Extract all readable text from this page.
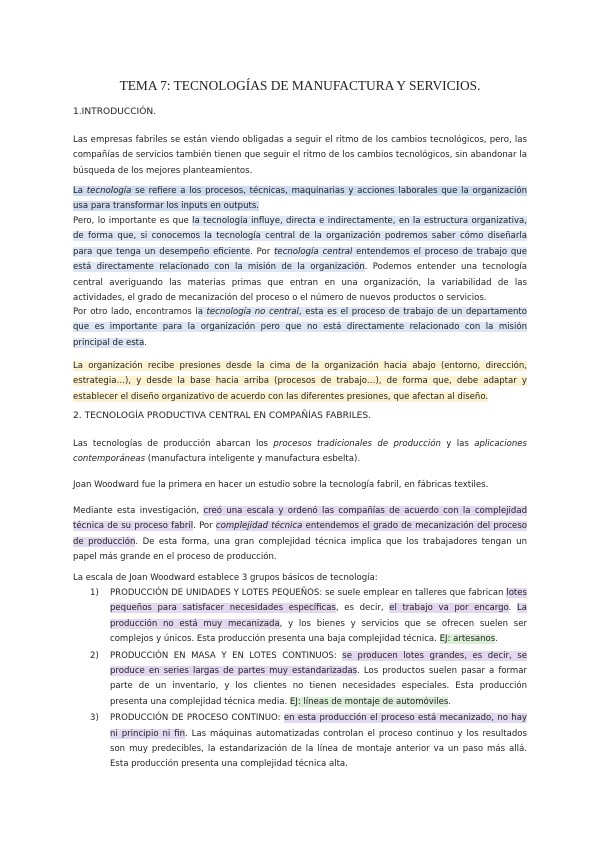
TEMA 7: TECNOLOGÍAS DE MANUFACTURA Y SERVICIOS.

1.INTRODUCCIÓN.

Las empresas fabriles se están viendo obligadas a seguir el ritmo de los cambios tecnológicos, pero, las compañías de servicios también tienen que seguir el ritmo de los cambios tecnológicos, sin abandonar la búsqueda de los mejores planteamientos.

La tecnología se refiere a los procesos, técnicas, maquinarias y acciones laborales que la organización usa para transformar los inputs en outputs.

Pero, lo importante es que la tecnología influye, directa e indirectamente, en la estructura organizativa, de forma que, si conocemos la tecnología central de la organización podremos saber cómo diseñarla para que tenga un desempeño eficiente. Por tecnología central entendemos el proceso de trabajo que está directamente relacionado con la misión de la organización. Podemos entender una tecnología central averiguando las materias primas que entran en una organización, la variabilidad de las actividades, el grado de mecanización del proceso o el número de nuevos productos o servicios.

Por otro lado, encontramos la tecnología no central, esta es el proceso de trabajo de un departamento que es importante para la organización pero que no está directamente relacionado con la misión principal de esta.

La organización recibe presiones desde la cima de la organización hacia abajo (entorno, dirección, estrategia…), y desde la base hacia arriba (procesos de trabajo…), de forma que, debe adaptar y establecer el diseño organizativo de acuerdo con las diferentes presiones, que afectan al diseño.

2. TECNOLOGÍA PRODUCTIVA CENTRAL EN COMPAÑÍAS FABRILES.

Las tecnologías de producción abarcan los procesos tradicionales de producción y las aplicaciones contemporáneas (manufactura inteligente y manufactura esbelta).

Joan Woodward fue la primera en hacer un estudio sobre la tecnología fabril, en fábricas textiles.

Mediante esta investigación, creó una escala y ordenó las compañías de acuerdo con la complejidad técnica de su proceso fabril. Por complejidad técnica entendemos el grado de mecanización del proceso de producción. De esta forma, una gran complejidad técnica implica que los trabajadores tengan un papel más grande en el proceso de producción.

La escala de Joan Woodward establece 3 grupos básicos de tecnología:

1) PRODUCCIÓN DE UNIDADES Y LOTES PEQUEÑOS: se suele emplear en talleres que fabrican lotes pequeños para satisfacer necesidades específicas, es decir, el trabajo va por encargo. La producción no está muy mecanizada, y los bienes y servicios que se ofrecen suelen ser complejos y únicos. Esta producción presenta una baja complejidad técnica. EJ: artesanos.
2) PRODUCCIÓN EN MASA Y EN LOTES CONTINUOS: se producen lotes grandes, es decir, se produce en series largas de partes muy estandarizadas. Los productos suelen pasar a formar parte de un inventario, y los clientes no tienen necesidades especiales. Esta producción presenta una complejidad técnica media. EJ: líneas de montaje de automóviles.
3) PRODUCCIÓN DE PROCESO CONTINUO: en esta producción el proceso está mecanizado, no hay ni principio ni fin. Las máquinas automatizadas controlan el proceso continuo y los resultados son muy predecibles, la estandarización de la línea de montaje anterior va un paso más allá. Esta producción presenta una complejidad técnica alta.
